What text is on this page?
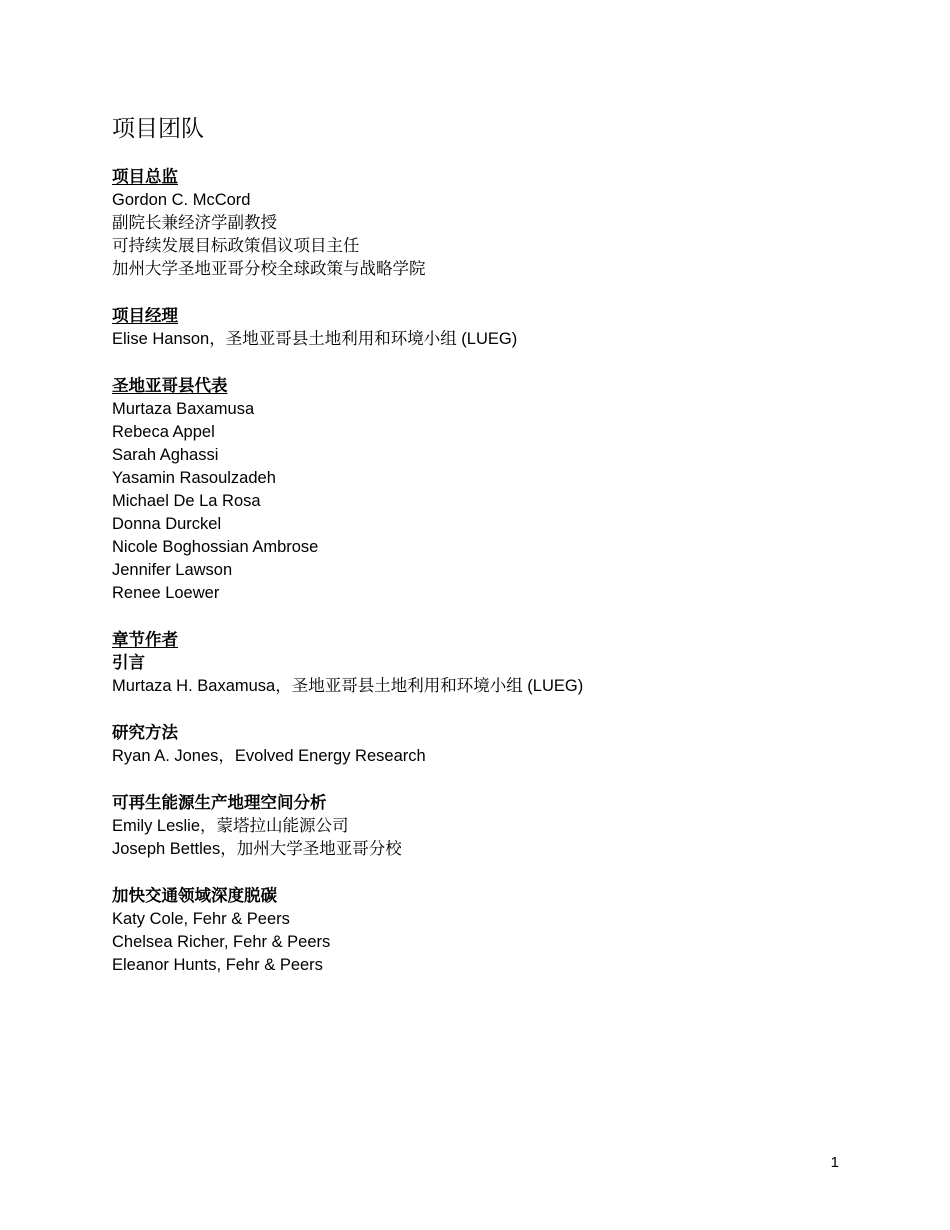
项目团队

项目总监

Gordon C. McCord

副院长兼经济学副教授

可持续发展目标政策倡议项目主任

加州大学圣地亚哥分校全球政策与战略学院

项目经理

Elise Hanson，圣地亚哥县土地利用和环境小组 (LUEG)

圣地亚哥县代表

Murtaza Baxamusa

Rebeca Appel

Sarah Aghassi

Yasamin Rasoulzadeh

Michael De La Rosa

Donna Durckel

Nicole Boghossian Ambrose

Jennifer Lawson

Renee Loewer

章节作者

引言

Murtaza H. Baxamusa，圣地亚哥县土地利用和环境小组 (LUEG)

研究方法

Ryan A. Jones，Evolved Energy Research

可再生能源生产地理空间分析

Emily Leslie，蒙塔拉山能源公司

Joseph Bettles，加州大学圣地亚哥分校

加快交通领域深度脱碳

Katy Cole, Fehr & Peers

Chelsea Richer, Fehr & Peers

Eleanor Hunts, Fehr & Peers

1
